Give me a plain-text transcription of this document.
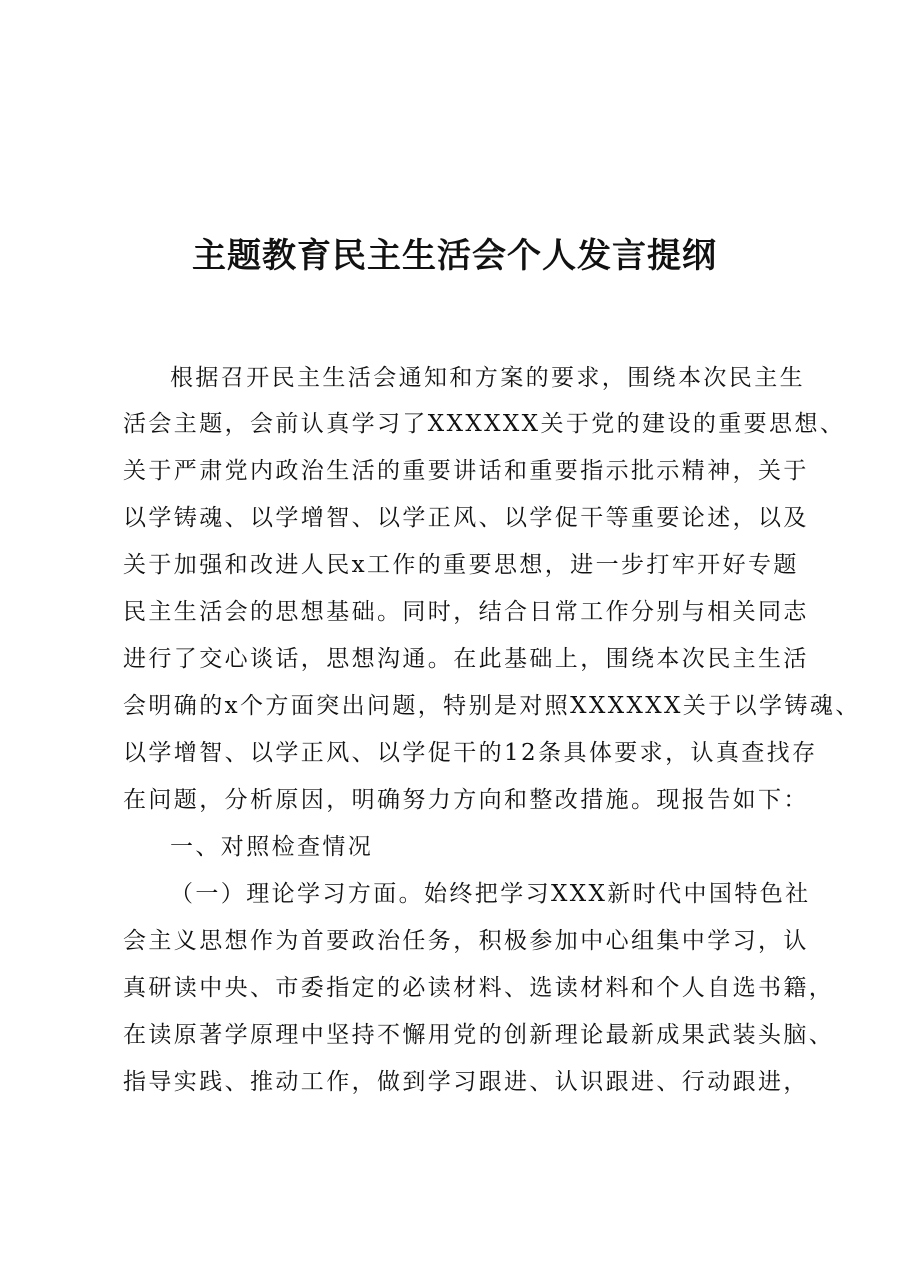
主题教育民主生活会个人发言提纲
根据召开民主生活会通知和方案的要求，围绕本次民主生
活会主题，会前认真学习了XXXXXX关于党的建设的重要思想、
关于严肃党内政治生活的重要讲话和重要指示批示精神，关于
以学铸魂、以学增智、以学正风、以学促干等重要论述，以及
关于加强和改进人民x工作的重要思想，进一步打牢开好专题
民主生活会的思想基础。同时，结合日常工作分别与相关同志
进行了交心谈话，思想沟通。在此基础上，围绕本次民主生活
会明确的x个方面突出问题，特别是对照XXXXXX关于以学铸魂、
以学增智、以学正风、以学促干的12条具体要求，认真查找存
在问题，分析原因，明确努力方向和整改措施。现报告如下：
一、对照检查情况
（一）理论学习方面。始终把学习XXX新时代中国特色社
会主义思想作为首要政治任务，积极参加中心组集中学习，认
真研读中央、市委指定的必读材料、选读材料和个人自选书籍，
在读原著学原理中坚持不懈用党的创新理论最新成果武装头脑、
指导实践、推动工作，做到学习跟进、认识跟进、行动跟进，
